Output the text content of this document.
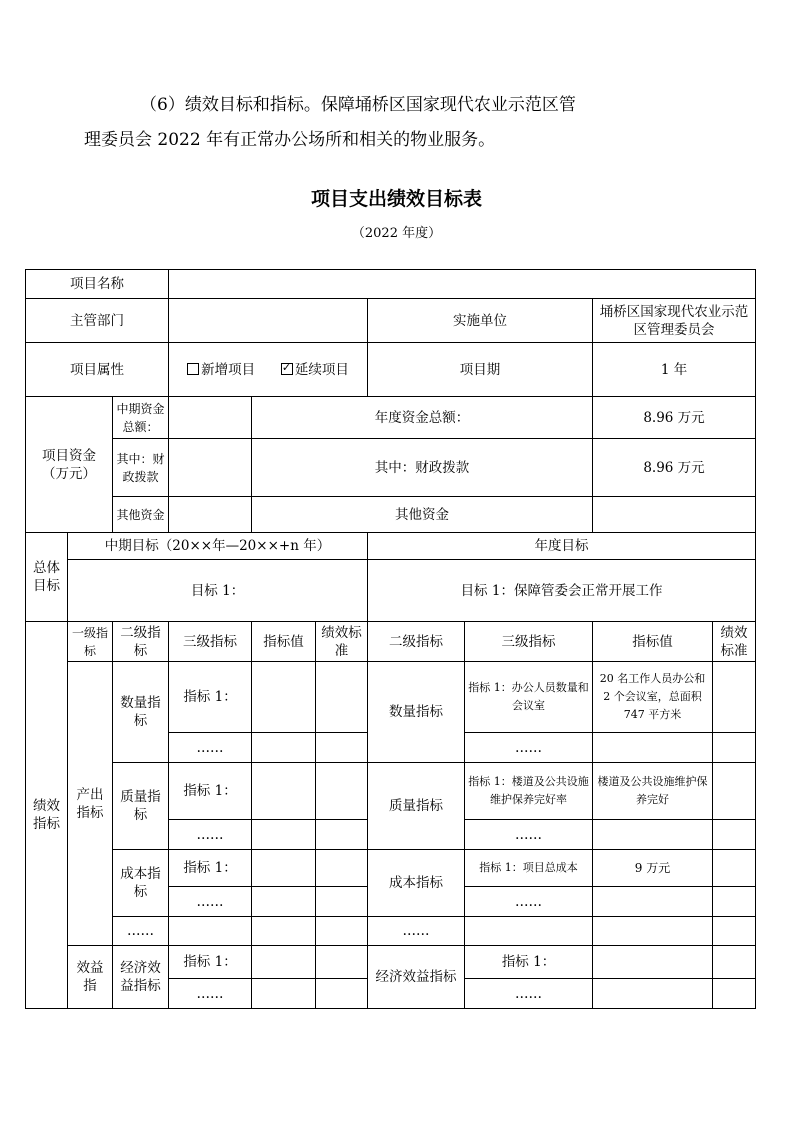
（6）绩效目标和指标。保障埇桥区国家现代农业示范区管
理委员会 2022 年有正常办公场所和相关的物业服务。
项目支出绩效目标表
（2022 年度）
项目名称									
主管部门						实施单位		埇桥区国家现代农业示范区管理委员会	
项目属性			新增项目 ✓ 延续项目			项目期		1 年	
项目资金（万元）		中期资金总额：		年度资金总额：				8.96 万元	
		其中：财政拨款		其中：财政拨款				8.96 万元	
		其他资金		其他资金					
总体目标	中期目标（20××年—20××+n 年）					年度目标			
	目标 1：					目标 1：保障管委会正常开展工作			
绩效指标	一级指标	二级指标	三级指标	指标值	绩效标准	二级指标	三级指标	指标值	绩效标准
	产出指标	数量指标	指标 1：			数量指标	指标 1：办公人员数量和会议室	20 名工作人员办公和 2 个会议室，总面积 747 平方米	
			……				……		
		质量指标	指标 1：			质量指标	指标 1：楼道及公共设施维护保养完好率	楼道及公共设施维护保养完好	
			……				……		
		成本指标	指标 1：			成本指标	指标 1：项目总成本	9 万元	
			……				……		
		……				……			
	效益指	经济效益指标	指标 1：			经济效益指标	指标 1：		
			……				……		
